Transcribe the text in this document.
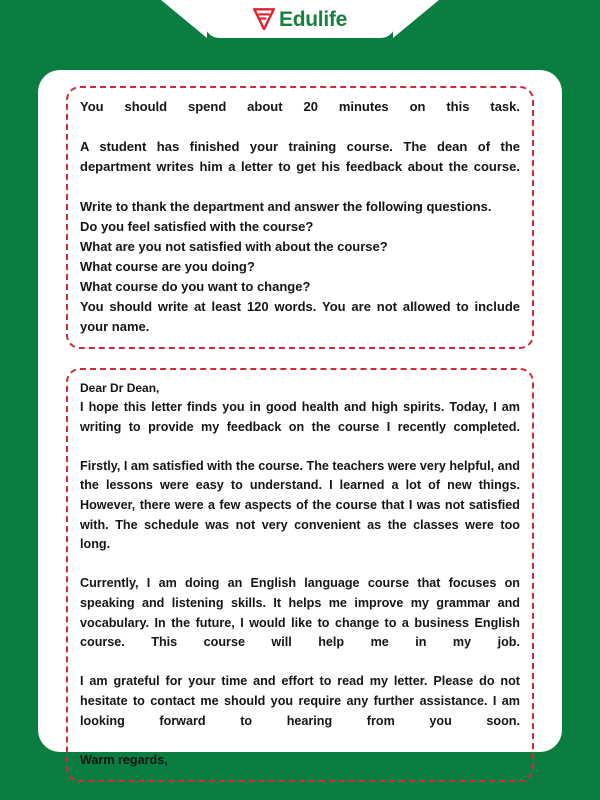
Edulife

You should spend about 20 minutes on this task.

A student has finished your training course. The dean of the department writes him a letter to get his feedback about the course.

Write to thank the department and answer the following questions.

Do you feel satisfied with the course?

What are you not satisfied with about the course?

What course are you doing?

What course do you want to change?

You should write at least 120 words. You are not allowed to include your name.

Dear Dr Dean,

I hope this letter finds you in good health and high spirits. Today, I am writing to provide my feedback on the course I recently completed.

Firstly, I am satisfied with the course. The teachers were very helpful, and the lessons were easy to understand. I learned a lot of new things. However, there were a few aspects of the course that I was not satisfied with. The schedule was not very convenient as the classes were too long.

Currently, I am doing an English language course that focuses on speaking and listening skills. It helps me improve my grammar and vocabulary. In the future, I would like to change to a business English course. This course will help me in my job.

I am grateful for your time and effort to read my letter. Please do not hesitate to contact me should you require any further assistance. I am looking forward to hearing from you soon.

Warm regards,
